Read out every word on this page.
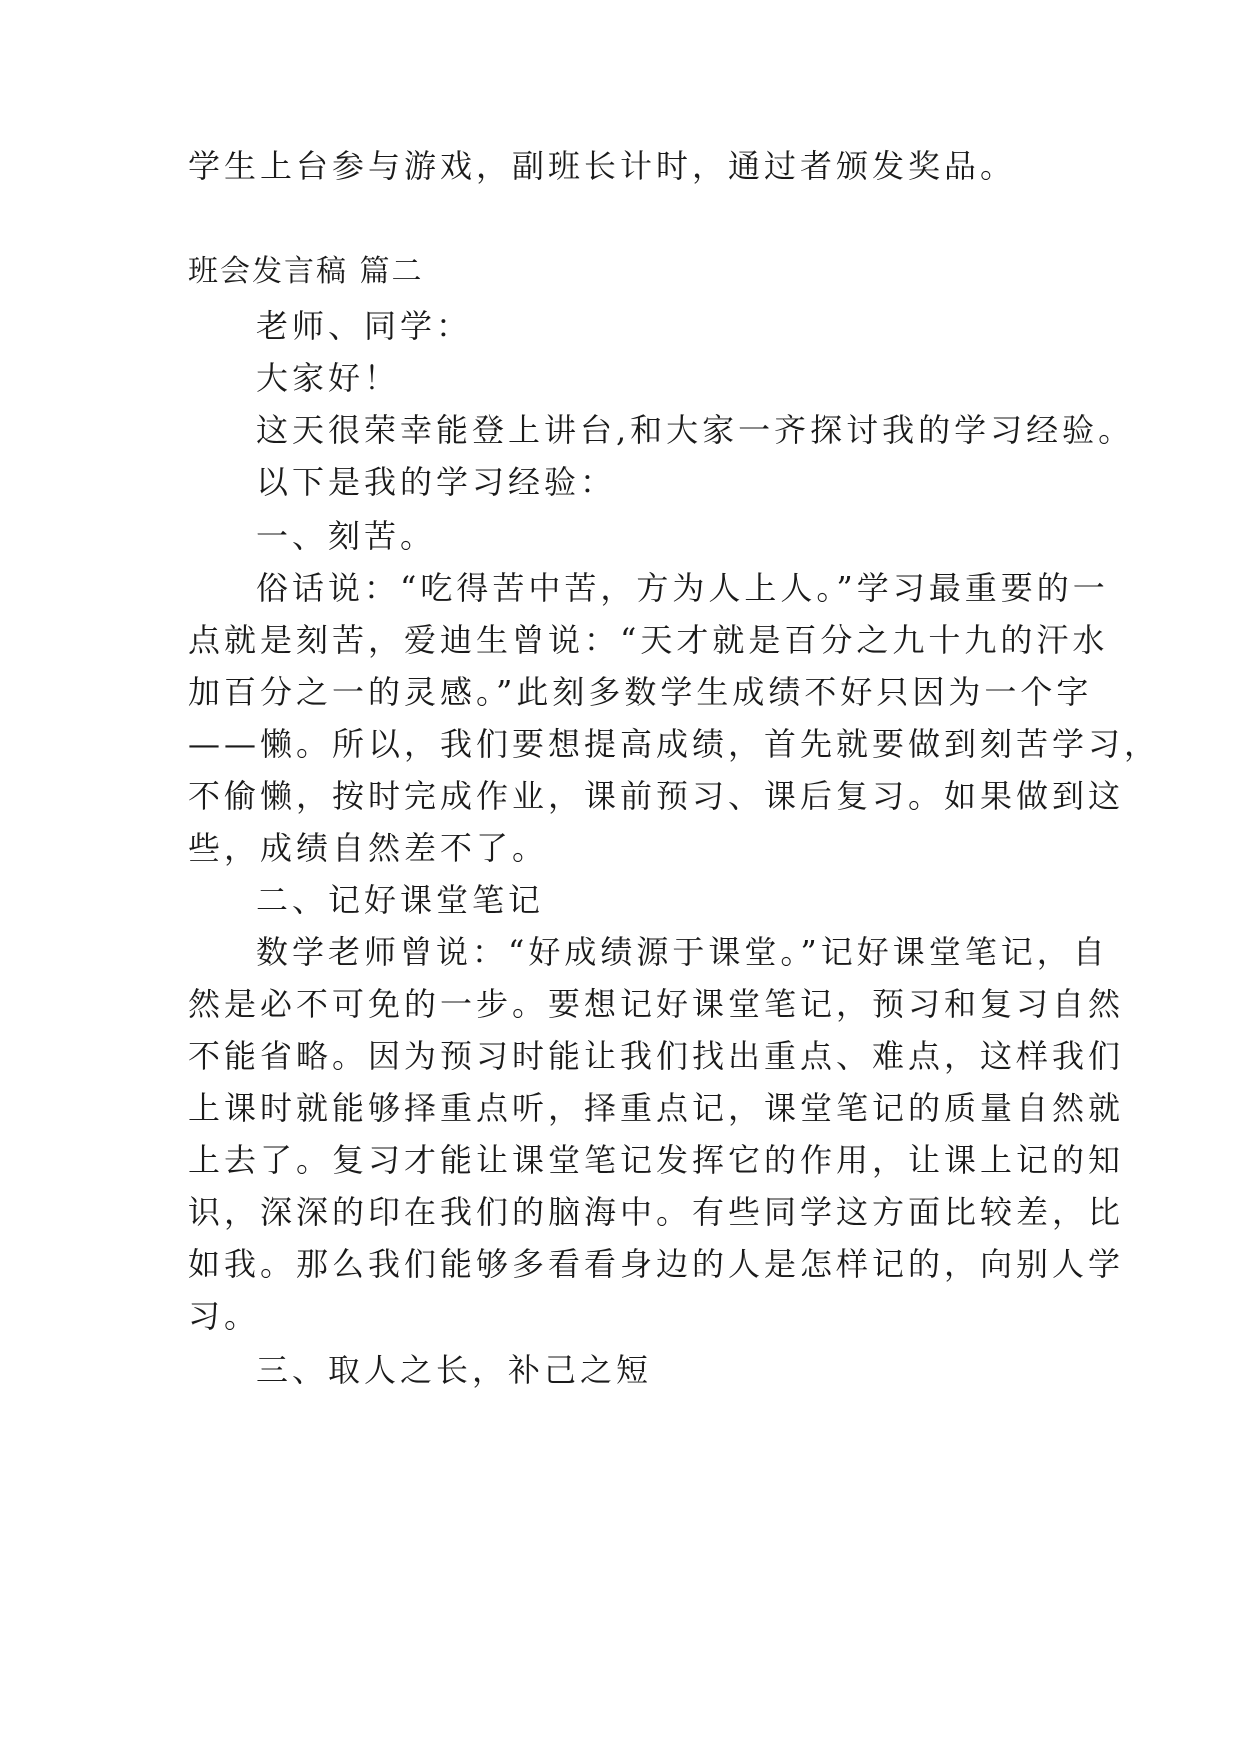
学生上台参与游戏，副班长计时，通过者颁发奖品。
班会发言稿 篇二
老师、同学：
大家好！
这天很荣幸能登上讲台,和大家一齐探讨我的学习经验。
以下是我的学习经验：
一、刻苦。
俗话说：“吃得苦中苦，方为人上人。”学习最重要的一
点就是刻苦，爱迪生曾说：“天才就是百分之九十九的汗水
加百分之一的灵感。”此刻多数学生成绩不好只因为一个字
——懒。所以，我们要想提高成绩，首先就要做到刻苦学习，
不偷懒，按时完成作业，课前预习、课后复习。如果做到这
些，成绩自然差不了。
二、记好课堂笔记
数学老师曾说：“好成绩源于课堂。”记好课堂笔记，自
然是必不可免的一步。要想记好课堂笔记，预习和复习自然
不能省略。因为预习时能让我们找出重点、难点，这样我们
上课时就能够择重点听，择重点记，课堂笔记的质量自然就
上去了。复习才能让课堂笔记发挥它的作用，让课上记的知
识，深深的印在我们的脑海中。有些同学这方面比较差，比
如我。那么我们能够多看看身边的人是怎样记的，向别人学
习。
三、取人之长，补己之短
